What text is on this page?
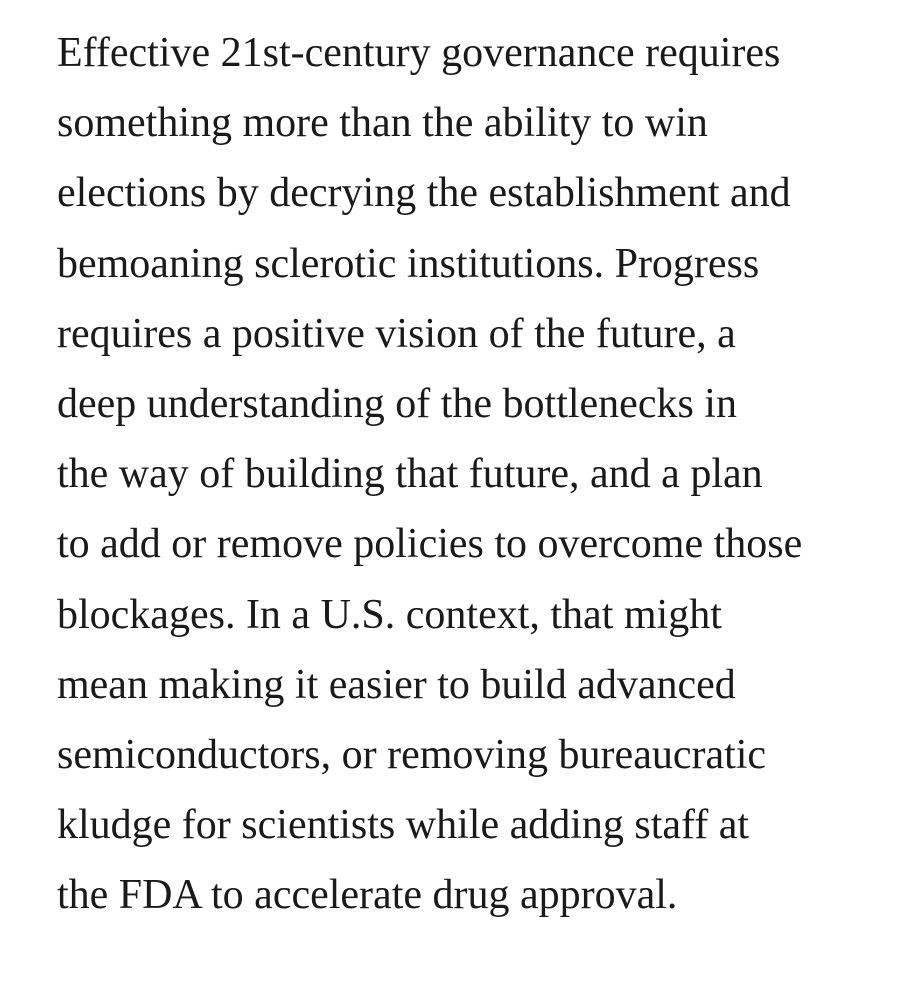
Effective 21st-century governance requires
something more than the ability to win
elections by decrying the establishment and
bemoaning sclerotic institutions. Progress
requires a positive vision of the future, a
deep understanding of the bottlenecks in
the way of building that future, and a plan
to add or remove policies to overcome those
blockages. In a U.S. context, that might
mean making it easier to build advanced
semiconductors, or removing bureaucratic
kludge for scientists while adding staff at
the FDA to accelerate drug approval.
